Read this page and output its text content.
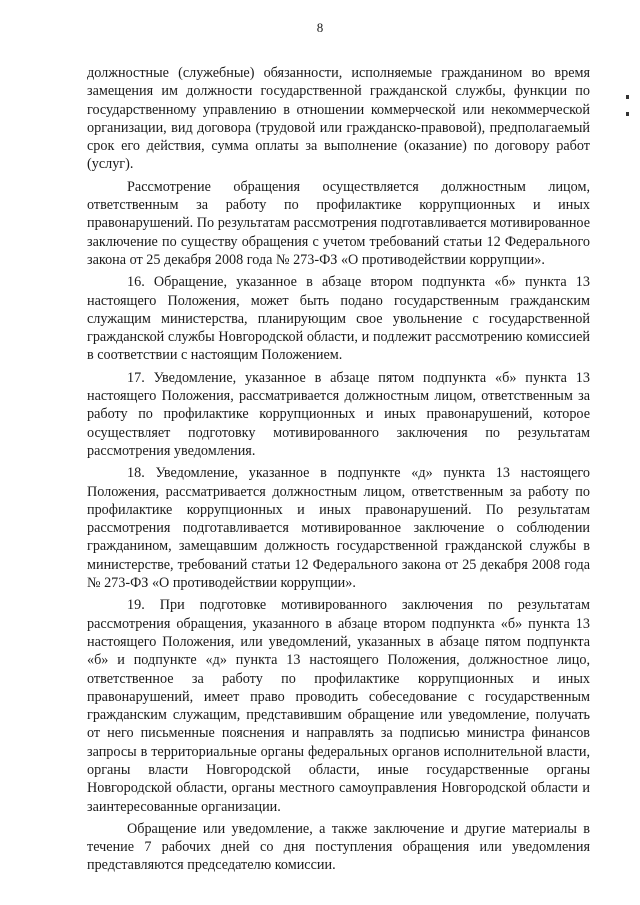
8

должностные (служебные) обязанности, исполняемые гражданином во время замещения им должности государственной гражданской службы, функции по государственному управлению в отношении коммерческой или некоммерческой организации, вид договора (трудовой или гражданско-правовой), предполагаемый срок его действия, сумма оплаты за выполнение (оказание) по договору работ (услуг).

Рассмотрение обращения осуществляется должностным лицом, ответственным за работу по профилактике коррупционных и иных правонарушений. По результатам рассмотрения подготавливается мотивированное заключение по существу обращения с учетом требований статьи 12 Федерального закона от 25 декабря 2008 года № 273-ФЗ «О противодействии коррупции».

16. Обращение, указанное в абзаце втором подпункта «б» пункта 13 настоящего Положения, может быть подано государственным гражданским служащим министерства, планирующим свое увольнение с государственной гражданской службы Новгородской области, и подлежит рассмотрению комиссией в соответствии с настоящим Положением.

17. Уведомление, указанное в абзаце пятом подпункта «б» пункта 13 настоящего Положения, рассматривается должностным лицом, ответственным за работу по профилактике коррупционных и иных правонарушений, которое осуществляет подготовку мотивированного заключения по результатам рассмотрения уведомления.

18. Уведомление, указанное в подпункте «д» пункта 13 настоящего Положения, рассматривается должностным лицом, ответственным за работу по профилактике коррупционных и иных правонарушений. По результатам рассмотрения подготавливается мотивированное заключение о соблюдении гражданином, замещавшим должность государственной гражданской службы в министерстве, требований статьи 12 Федерального закона от 25 декабря 2008 года № 273-ФЗ «О противодействии коррупции».

19. При подготовке мотивированного заключения по результатам рассмотрения обращения, указанного в абзаце втором подпункта «б» пункта 13 настоящего Положения, или уведомлений, указанных в абзаце пятом подпункта «б» и подпункте «д» пункта 13 настоящего Положения, должностное лицо, ответственное за работу по профилактике коррупционных и иных правонарушений, имеет право проводить собеседование с государственным гражданским служащим, представившим обращение или уведомление, получать от него письменные пояснения и направлять за подписью министра финансов запросы в территориальные органы федеральных органов исполнительной власти, органы власти Новгородской области, иные государственные органы Новгородской области, органы местного самоуправления Новгородской области и заинтересованные организации.

Обращение или уведомление, а также заключение и другие материалы в течение 7 рабочих дней со дня поступления обращения или уведомления представляются председателю комиссии.
